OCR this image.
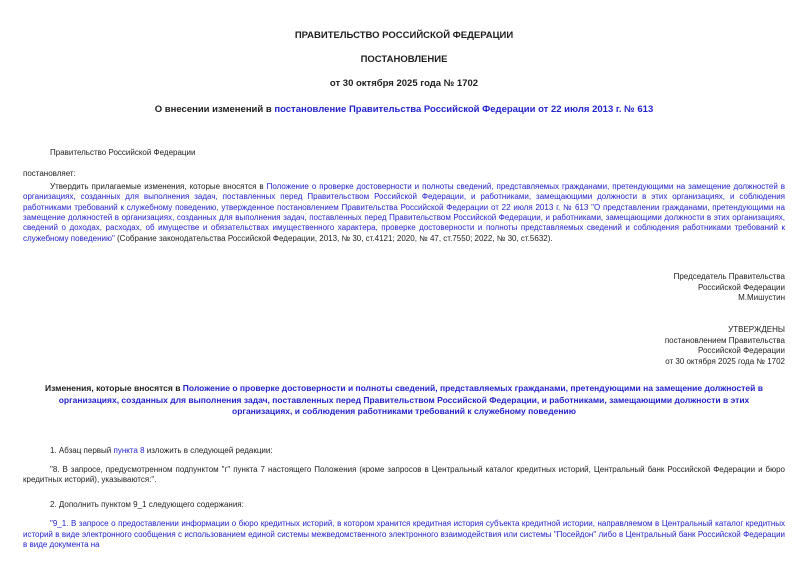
ПРАВИТЕЛЬСТВО РОССИЙСКОЙ ФЕДЕРАЦИИ
ПОСТАНОВЛЕНИЕ
от 30 октября 2025 года № 1702
О внесении изменений в постановление Правительства Российской Федерации от 22 июля 2013 г. № 613
Правительство Российской Федерации
постановляет:
Утвердить прилагаемые изменения, которые вносятся в Положение о проверке достоверности и полноты сведений, представляемых гражданами, претендующими на замещение должностей в организациях, созданных для выполнения задач, поставленных перед Правительством Российской Федерации, и работниками, замещающими должности в этих организациях, и соблюдения работниками требований к служебному поведению, утвержденное постановлением Правительства Российской Федерации от 22 июля 2013 г. № 613 "О представлении гражданами, претендующими на замещение должностей в организациях, созданных для выполнения задач, поставленных перед Правительством Российской Федерации, и работниками, замещающими должности в этих организациях, сведений о доходах, расходах, об имуществе и обязательствах имущественного характера, проверке достоверности и полноты представляемых сведений и соблюдения работниками требований к служебному поведению" (Собрание законодательства Российской Федерации, 2013, № 30, ст.4121; 2020, № 47, ст.7550; 2022, № 30, ст.5632).
Председатель Правительства
Российской Федерации
М.Мишустин
УТВЕРЖДЕНЫ
постановлением Правительства
Российской Федерации
от 30 октября 2025 года № 1702
Изменения, которые вносятся в Положение о проверке достоверности и полноты сведений, представляемых гражданами, претендующими на замещение должностей в организациях, созданных для выполнения задач, поставленных перед Правительством Российской Федерации, и работниками, замещающими должности в этих организациях, и соблюдения работниками требований к служебному поведению
1. Абзац первый пункта 8 изложить в следующей редакции:
"8. В запросе, предусмотренном подпунктом "г" пункта 7 настоящего Положения (кроме запросов в Центральный каталог кредитных историй, Центральный банк Российской Федерации и бюро кредитных историй), указываются:".
2. Дополнить пунктом 9_1 следующего содержания:
"9_1. В запросе о предоставлении информации о бюро кредитных историй, в котором хранится кредитная история субъекта кредитной истории, направляемом в Центральный каталог кредитных историй в виде электронного сообщения с использованием единой системы межведомственного электронного взаимодействия или системы "Посейдон" либо в Центральный банк Российской Федерации в виде документа на
